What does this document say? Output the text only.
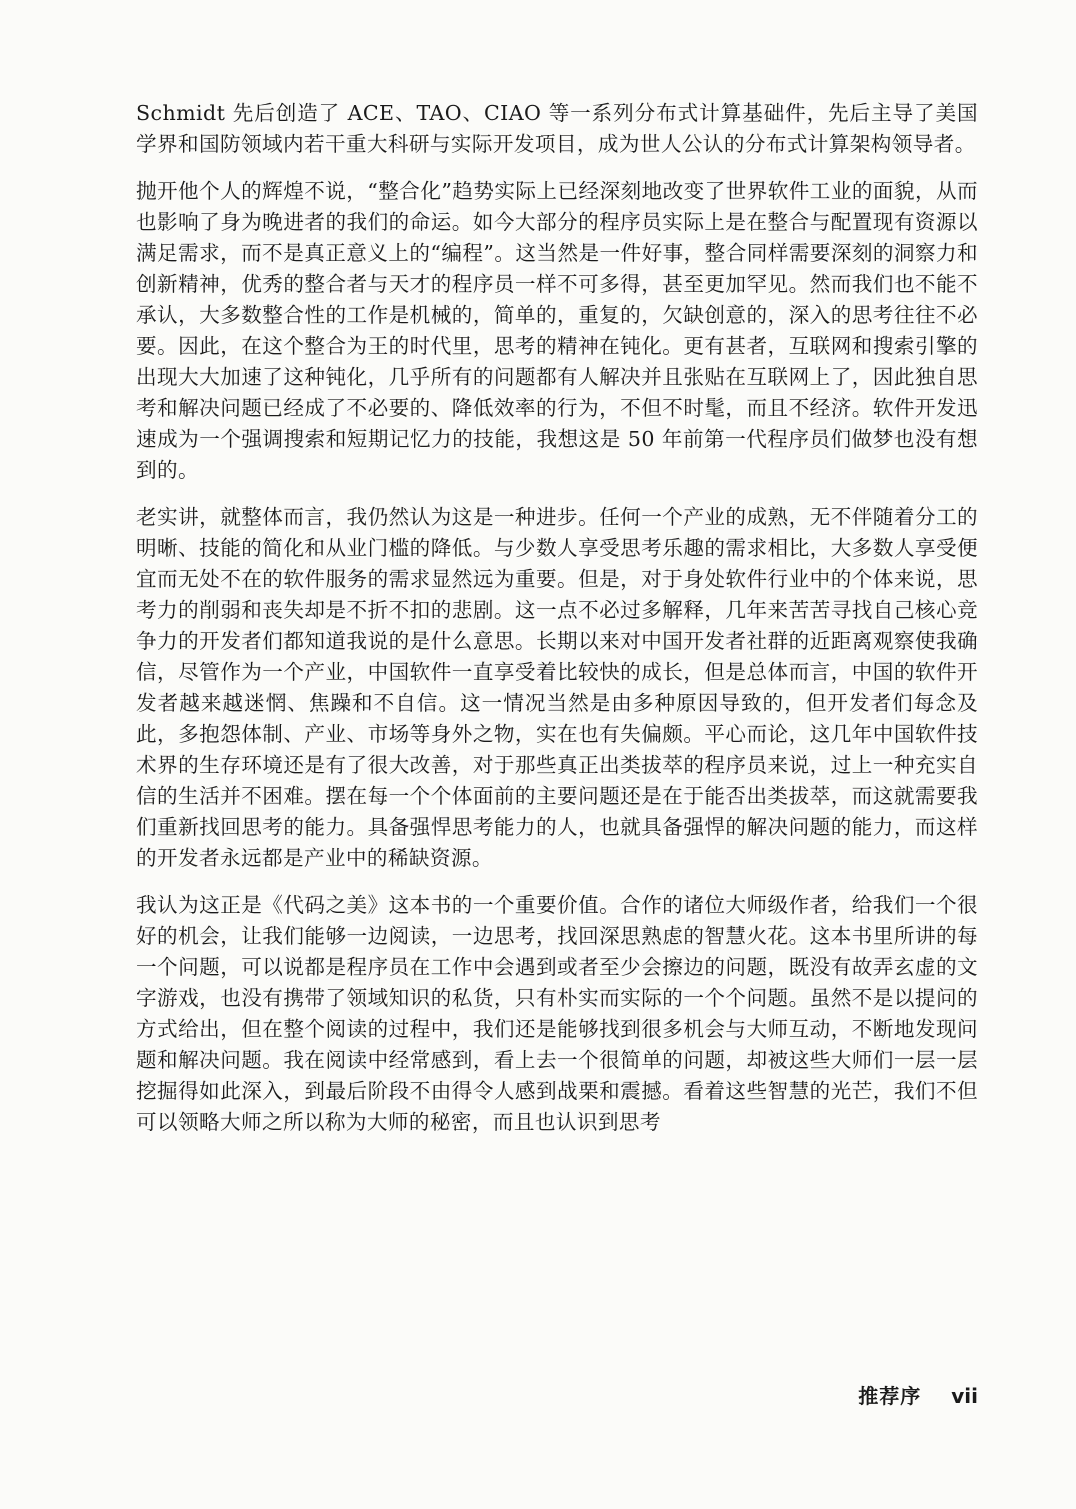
Schmidt 先后创造了 ACE、TAO、CIAO 等一系列分布式计算基础件，先后主导了美国学界和国防领域内若干重大科研与实际开发项目，成为世人公认的分布式计算架构领导者。

抛开他个人的辉煌不说，“整合化”趋势实际上已经深刻地改变了世界软件工业的面貌，从而也影响了身为晚进者的我们的命运。如今大部分的程序员实际上是在整合与配置现有资源以满足需求，而不是真正意义上的“编程”。这当然是一件好事，整合同样需要深刻的洞察力和创新精神，优秀的整合者与天才的程序员一样不可多得，甚至更加罕见。然而我们也不能不承认，大多数整合性的工作是机械的，简单的，重复的，欠缺创意的，深入的思考往往不必要。因此，在这个整合为王的时代里，思考的精神在钝化。更有甚者，互联网和搜索引擎的出现大大加速了这种钝化，几乎所有的问题都有人解决并且张贴在互联网上了，因此独自思考和解决问题已经成了不必要的、降低效率的行为，不但不时髦，而且不经济。软件开发迅速成为一个强调搜索和短期记忆力的技能，我想这是 50 年前第一代程序员们做梦也没有想到的。

老实讲，就整体而言，我仍然认为这是一种进步。任何一个产业的成熟，无不伴随着分工的明晰、技能的简化和从业门槛的降低。与少数人享受思考乐趣的需求相比，大多数人享受便宜而无处不在的软件服务的需求显然远为重要。但是，对于身处软件行业中的个体来说，思考力的削弱和丧失却是不折不扣的悲剧。这一点不必过多解释，几年来苦苦寻找自己核心竞争力的开发者们都知道我说的是什么意思。长期以来对中国开发者社群的近距离观察使我确信，尽管作为一个产业，中国软件一直享受着比较快的成长，但是总体而言，中国的软件开发者越来越迷惘、焦躁和不自信。这一情况当然是由多种原因导致的，但开发者们每念及此，多抱怨体制、产业、市场等身外之物，实在也有失偏颇。平心而论，这几年中国软件技术界的生存环境还是有了很大改善，对于那些真正出类拔萃的程序员来说，过上一种充实自信的生活并不困难。摆在每一个个体面前的主要问题还是在于能否出类拔萃，而这就需要我们重新找回思考的能力。具备强悍思考能力的人，也就具备强悍的解决问题的能力，而这样的开发者永远都是产业中的稀缺资源。

我认为这正是《代码之美》这本书的一个重要价值。合作的诸位大师级作者，给我们一个很好的机会，让我们能够一边阅读，一边思考，找回深思熟虑的智慧火花。这本书里所讲的每一个问题，可以说都是程序员在工作中会遇到或者至少会擦边的问题，既没有故弄玄虚的文字游戏，也没有携带了领域知识的私货，只有朴实而实际的一个个问题。虽然不是以提问的方式给出，但在整个阅读的过程中，我们还是能够找到很多机会与大师互动，不断地发现问题和解决问题。我在阅读中经常感到，看上去一个很简单的问题，却被这些大师们一层一层挖掘得如此深入，到最后阶段不由得令人感到战栗和震撼。看着这些智慧的光芒，我们不但可以领略大师之所以称为大师的秘密，而且也认识到思考

推荐序 vii
